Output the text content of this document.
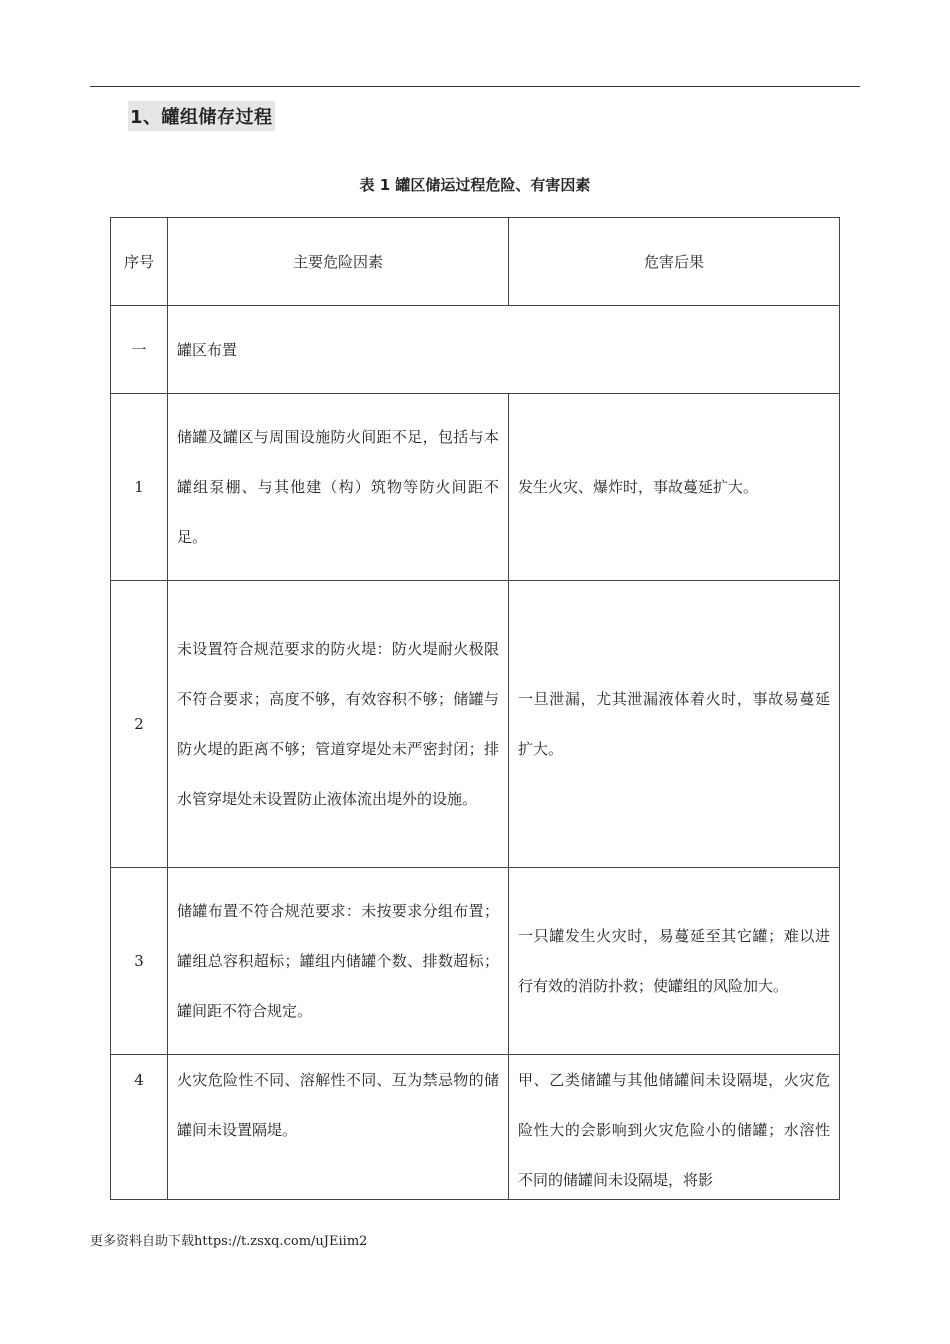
1、罐组储存过程
表 1 罐区储运过程危险、有害因素
序号	主要危险因素	危害后果
一	罐区布置	
1	储罐及罐区与周围设施防火间距不足，包括与本罐组泵棚、与其他建（构）筑物等防火间距不足。	发生火灾、爆炸时，事故蔓延扩大。
2	未设置符合规范要求的防火堤：防火堤耐火极限不符合要求；高度不够，有效容积不够；储罐与防火堤的距离不够；管道穿堤处未严密封闭；排水管穿堤处未设置防止液体流出堤外的设施。	一旦泄漏，尤其泄漏液体着火时，事故易蔓延扩大。
3	储罐布置不符合规范要求：未按要求分组布置；罐组总容积超标；罐组内储罐个数、排数超标；罐间距不符合规定。	一只罐发生火灾时，易蔓延至其它罐；难以进行有效的消防扑救；使罐组的风险加大。
4	火灾危险性不同、溶解性不同、互为禁忌物的储罐间未设置隔堤。	甲、乙类储罐与其他储罐间未设隔堤，火灾危险性大的会影响到火灾危险小的储罐；水溶性不同的储罐间未设隔堤，将影
更多资料自助下载https://t.zsxq.com/uJEiim2
